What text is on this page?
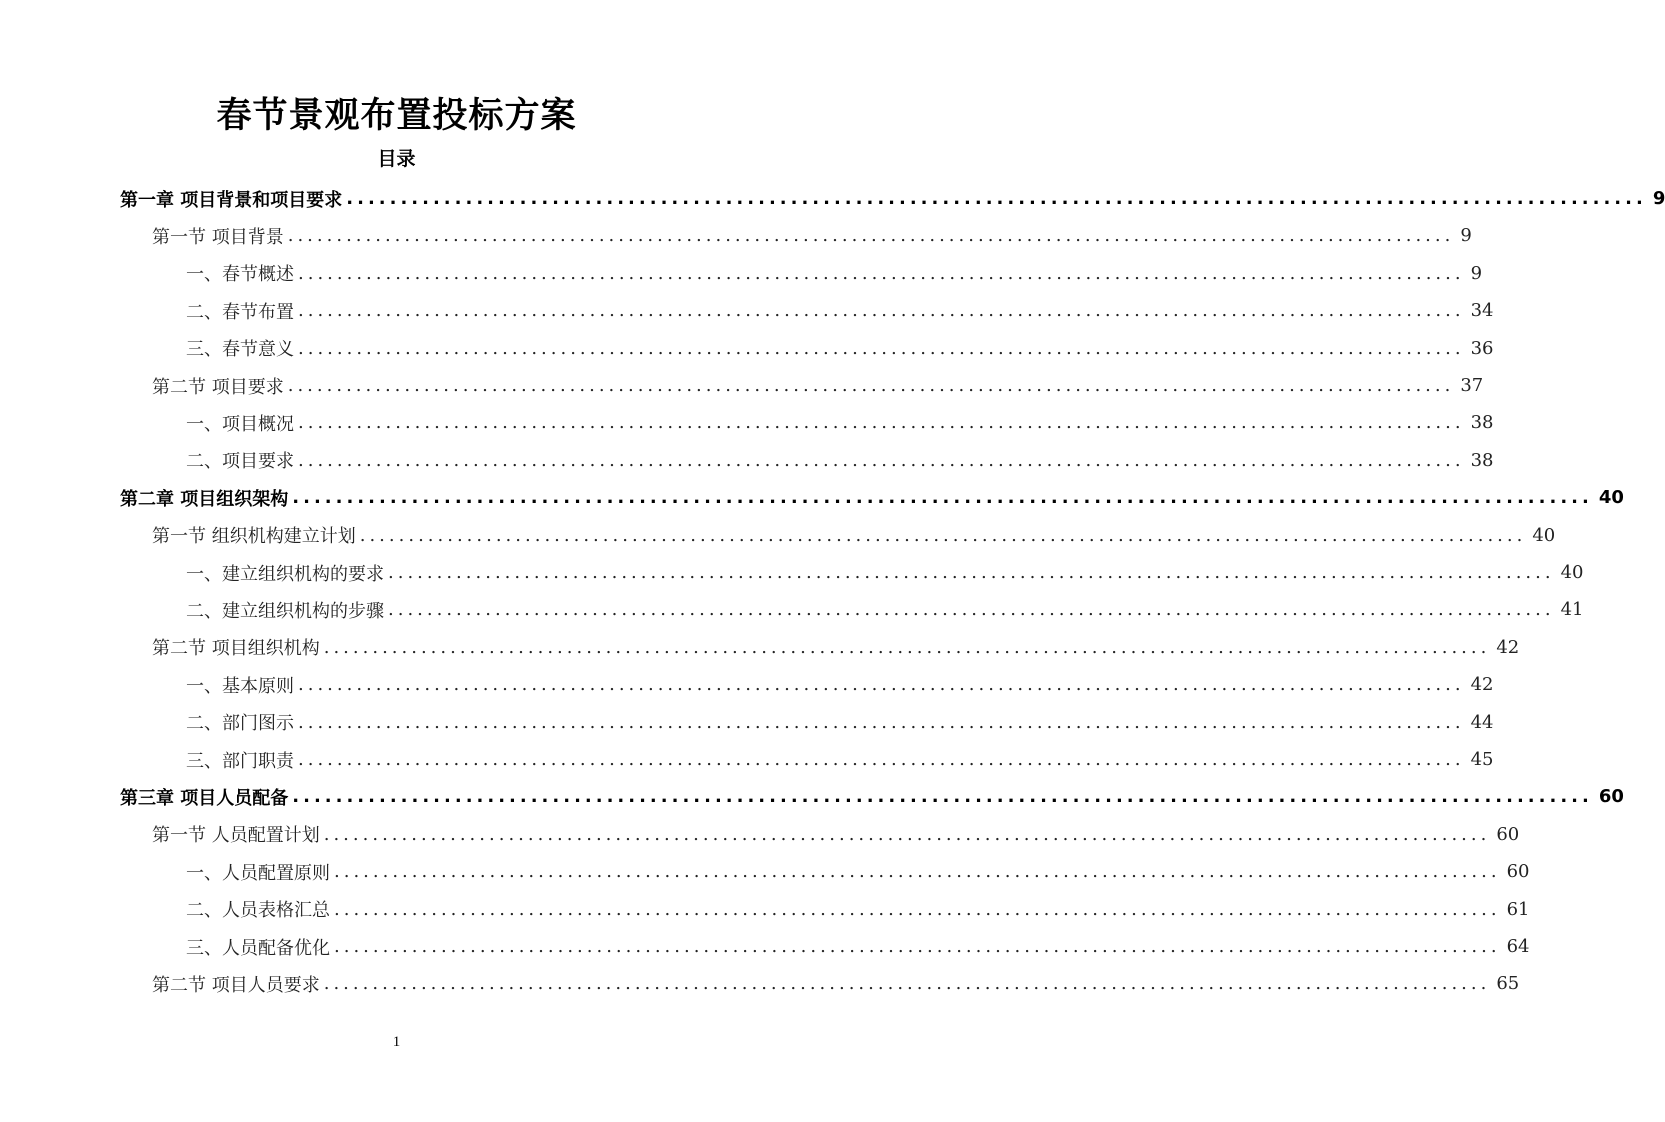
春节景观布置投标方案
目录
第一章 项目背景和项目要求 ........................................................................................................................ 9
第一节 项目背景 ........................................................................................................................ 9
一、春节概述 ........................................................................................................................ 9
二、春节布置 ........................................................................................................................ 34
三、春节意义 ........................................................................................................................ 36
第二节 项目要求 ........................................................................................................................ 37
一、项目概况 ........................................................................................................................ 38
二、项目要求 ........................................................................................................................ 38
第二章 项目组织架构 ........................................................................................................................ 40
第一节 组织机构建立计划 ........................................................................................................................ 40
一、建立组织机构的要求 ........................................................................................................................ 40
二、建立组织机构的步骤 ........................................................................................................................ 41
第二节 项目组织机构 ........................................................................................................................ 42
一、基本原则 ........................................................................................................................ 42
二、部门图示 ........................................................................................................................ 44
三、部门职责 ........................................................................................................................ 45
第三章 项目人员配备 ........................................................................................................................ 60
第一节 人员配置计划 ........................................................................................................................ 60
一、人员配置原则 ........................................................................................................................ 60
二、人员表格汇总 ........................................................................................................................ 61
三、人员配备优化 ........................................................................................................................ 64
第二节 项目人员要求 ........................................................................................................................ 65
1
